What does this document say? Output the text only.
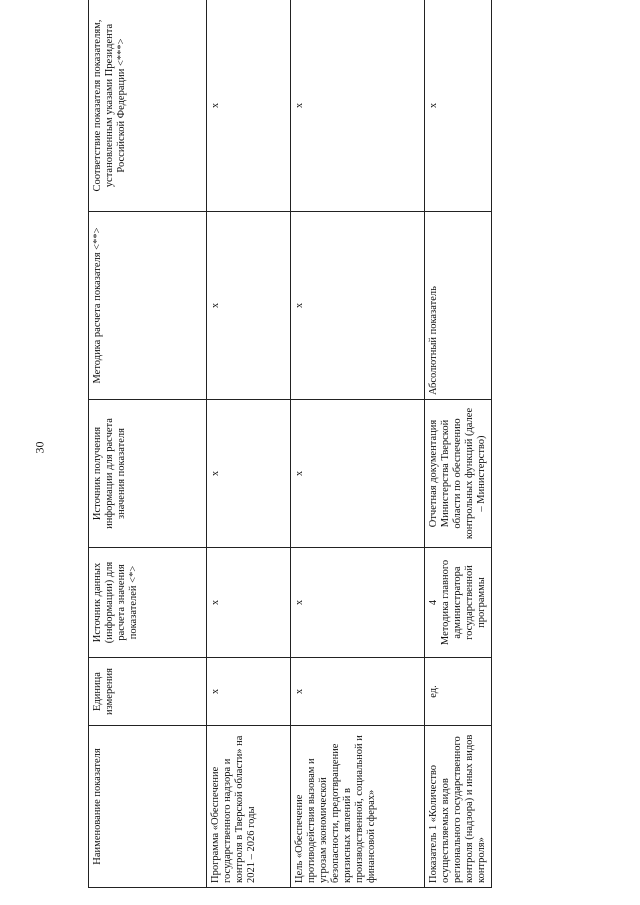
30
Наименование показателя	Единица измерения	Источник данных (информации) для расчета значения показателей <*>	Источник получения информации для расчета значения показателя	Методика расчета показателя <**>	Соответствие показателя показателям, установленным указами Президента Российской Федерации <***>
Программа «Обеспечение государственного надзора и контроля в Тверской области» на 2021 – 2026 годы	х	х	х	х	х
Цель «Обеспечение противодействия вызовам и угрозам экономической безопасности, предотвращение кризисных явлений в производственной, социальной и финансовой сферах»	х	х	х	х	х
Показатель 1 «Количество осуществляемых видов регионального государственного контроля (надзора) и иных видов контроля»	ед.	4 Методика главного администратора государственной программы	Отчетная документация Министерства Тверской области по обеспечению контрольных функций (далее – Министерство)	Абсолютный показатель	х
